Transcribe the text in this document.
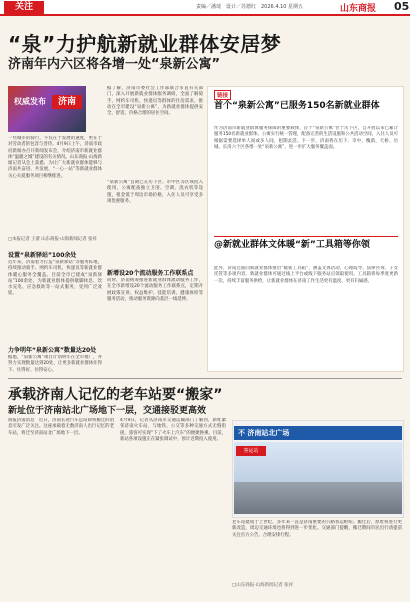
关注	责编／潘琦　设计／苏德红　2026.4.10 星期五	山东商报 05
“泉”力护航新就业群体安居梦
济南年内六区将各增一处“泉新公寓”
权威发布	济南
一些城市的骑行，不仅在于发展的速度，更在于对劳动者的包容与善待。4月9日上午，济南市政府新闻办召开新闻发布会，介绍济南市新就业群体“温暖之城”建设的有关情况。山东商报·山海新闻记者从会上获悉，为让广大新就业群体能够与济南共奋进、共发展，“一心一站”等新就业群体关心关爱服务项目相继推进。
□本报记者 王蕾 山东商报·山海新闻记者 张祥
设置“泉新驿站”100余处
近年来，济南着力打造“泉新驿站”等服务阵地，持续推动骑手、网约车司机、快递员等新就业群体暖心服务全覆盖。目前全市已建成“泉新驿站”100余处，为新就业群体提供歇脚休息、饮水充电、应急救助等一站式服务，受到广泛欢迎。
力争明年“泉新公寓”数量达20处
据悉，“泉新公寓”项目计划明年在全市推广，并努力实现数量达到20处，让更多新就业群体住得下、住得好、住得安心。
据了解，济南市委社会工作部联合市直有关部门，深入开展新就业群体服务调研，全面了解骑手、网约车司机、快递员等群体的住房需求，推动在全市建设“泉新公寓”，为新就业群体提供安全、舒适、价格合理的居住空间。
“泉新公寓”首期已在历下区、市中区等区域投入使用，公寓配备独立卫浴、空调、洗衣机等设施，租金低于周边市场价格，入住人员可享受多项优惠服务。
新增设20个流动服务工作联系点
同时，济南统筹推进新就业群体流动服务工作，在全市新增设20个流动服务工作联系点，定期开展政策宣讲、权益维护、技能培训、健康体检等服务活动，推动服务资源向基层一线延伸。
链接
首个“泉新公寓”已服务150名新就业群体
作为济南市新就业群体服务保障的重要载体，首个“泉新公寓”位于历下区，自开放以来已累计服务150名新就业群体。公寓实行统一管理，配备完善的生活设施和公共活动空间，入住人员可根据需要选择单人间或多人间，租期灵活。下一步，济南将在历下、市中、槐荫、天桥、历城、长清六个区各增一处“泉新公寓”，进一步扩大服务覆盖面。
@新就业群体文体暖“新”工具箱等你领
此外，济南还面向新就业群体推出“暖新工具箱”，涵盖文体活动、心理疏导、法律咨询、子女托管等多项内容，新就业群体可通过线上平台或线下服务站点领取使用。工具箱将每季度更新一次，持续丰富服务供给，让新就业群体在济南工作生活更有温度、更有归属感。
承载济南人记忆的老车站要“搬家”
新址位于济南站北广场地下一层，交通接驳更高效
商报济南消息　近日，济南长途汽车总站即将搬迁的消息引发广泛关注。这座承载着无数济南人出行记忆的老车站，将迁至济南站北广场地下一层。
4月9日，记者从济南市交通运输部门了解到，新址紧邻济南火车站，与地铁、公交等多种交通方式无缝衔接，旅客可实现“下了火车上汽车”的便捷换乘。目前，新站各项设施正在紧张调试中，预计近期投入使用。
老车站建成于上世纪，多年来一直是济南重要的公路客运枢纽。搬迁后，原址将进行更新改造，周边交通环境也将得到进一步优化。交通部门提醒，搬迁期间市民出行请提前关注官方公告，合理安排行程。
□山东商报·山海新闻记者 张祥
不 济南站北广场
客运站
